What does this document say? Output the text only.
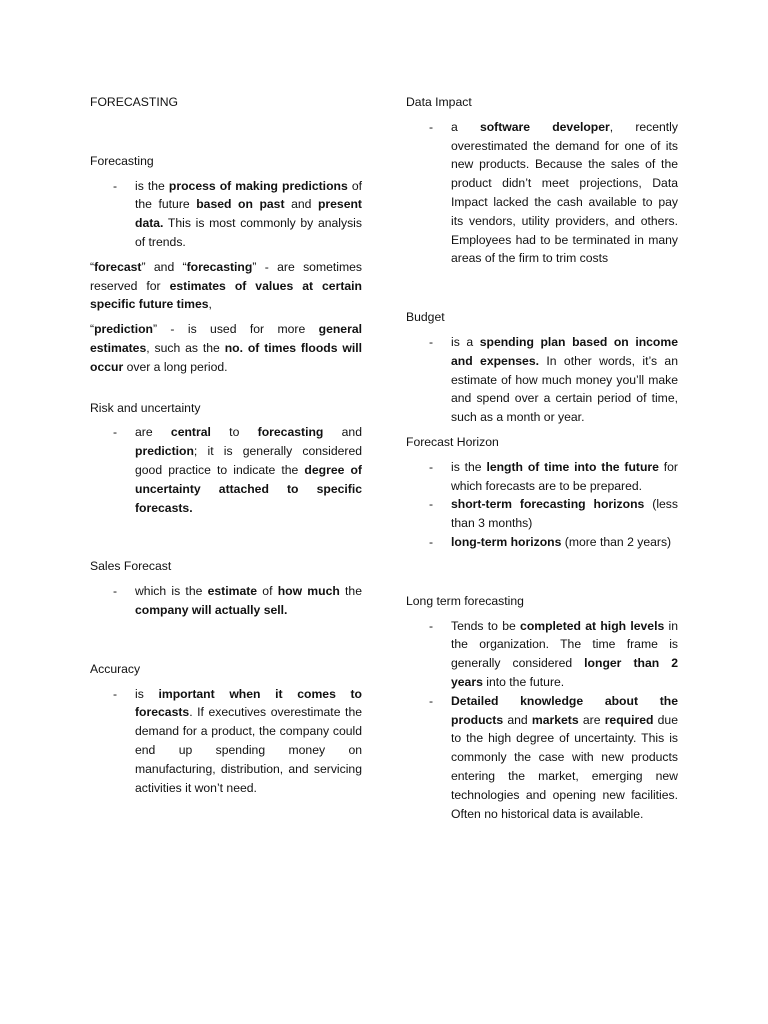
FORECASTING

Forecasting

- is the process of making predictions of the future based on past and present data. This is most commonly by analysis of trends.

“forecast” and “forecasting” - are sometimes reserved for estimates of values at certain specific future times,

“prediction” - is used for more general estimates, such as the no. of times floods will occur over a long period.

Risk and uncertainty

- are central to forecasting and prediction; it is generally considered good practice to indicate the degree of uncertainty attached to specific forecasts.

Sales Forecast

- which is the estimate of how much the company will actually sell.

Accuracy

- is important when it comes to forecasts. If executives overestimate the demand for a product, the company could end up spending money on manufacturing, distribution, and servicing activities it won’t need.

Data Impact

- a software developer, recently overestimated the demand for one of its new products. Because the sales of the product didn’t meet projections, Data Impact lacked the cash available to pay its vendors, utility providers, and others. Employees had to be terminated in many areas of the firm to trim costs

Budget

- is a spending plan based on income and expenses. In other words, it’s an estimate of how much money you’ll make and spend over a certain period of time, such as a month or year.

Forecast Horizon

- is the length of time into the future for which forecasts are to be prepared.
- short-term forecasting horizons (less than 3 months)
- long-term horizons (more than 2 years)

Long term forecasting

- Tends to be completed at high levels in the organization. The time frame is generally considered longer than 2 years into the future.
- Detailed knowledge about the products and markets are required due to the high degree of uncertainty. This is commonly the case with new products entering the market, emerging new technologies and opening new facilities. Often no historical data is available.
